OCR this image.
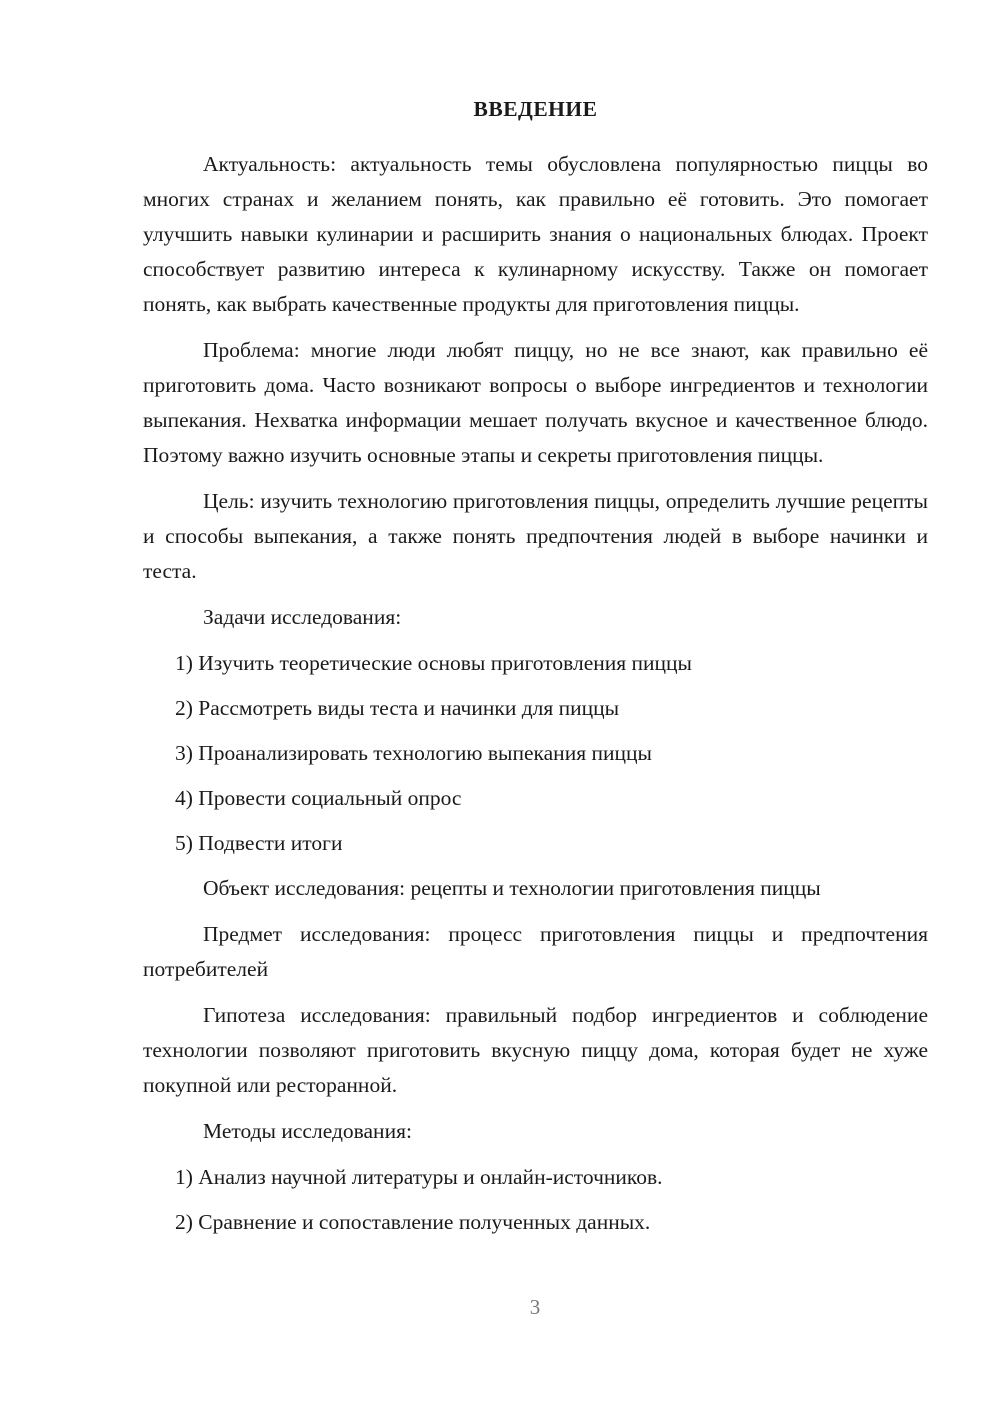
ВВЕДЕНИЕ

Актуальность: актуальность темы обусловлена популярностью пиццы во многих странах и желанием понять, как правильно её готовить. Это помогает улучшить навыки кулинарии и расширить знания о национальных блюдах. Проект способствует развитию интереса к кулинарному искусству. Также он помогает понять, как выбрать качественные продукты для приготовления пиццы.

Проблема: многие люди любят пиццу, но не все знают, как правильно её приготовить дома. Часто возникают вопросы о выборе ингредиентов и технологии выпекания. Нехватка информации мешает получать вкусное и качественное блюдо. Поэтому важно изучить основные этапы и секреты приготовления пиццы.

Цель: изучить технологию приготовления пиццы, определить лучшие рецепты и способы выпекания, а также понять предпочтения людей в выборе начинки и теста.

Задачи исследования:

1) Изучить теоретические основы приготовления пиццы
2) Рассмотреть виды теста и начинки для пиццы
3) Проанализировать технологию выпекания пиццы
4) Провести социальный опрос
5) Подвести итоги

Объект исследования: рецепты и технологии приготовления пиццы

Предмет исследования: процесс приготовления пиццы и предпочтения потребителей

Гипотеза исследования: правильный подбор ингредиентов и соблюдение технологии позволяют приготовить вкусную пиццу дома, которая будет не хуже покупной или ресторанной.

Методы исследования:

1) Анализ научной литературы и онлайн-источников.
2) Сравнение и сопоставление полученных данных.
3
